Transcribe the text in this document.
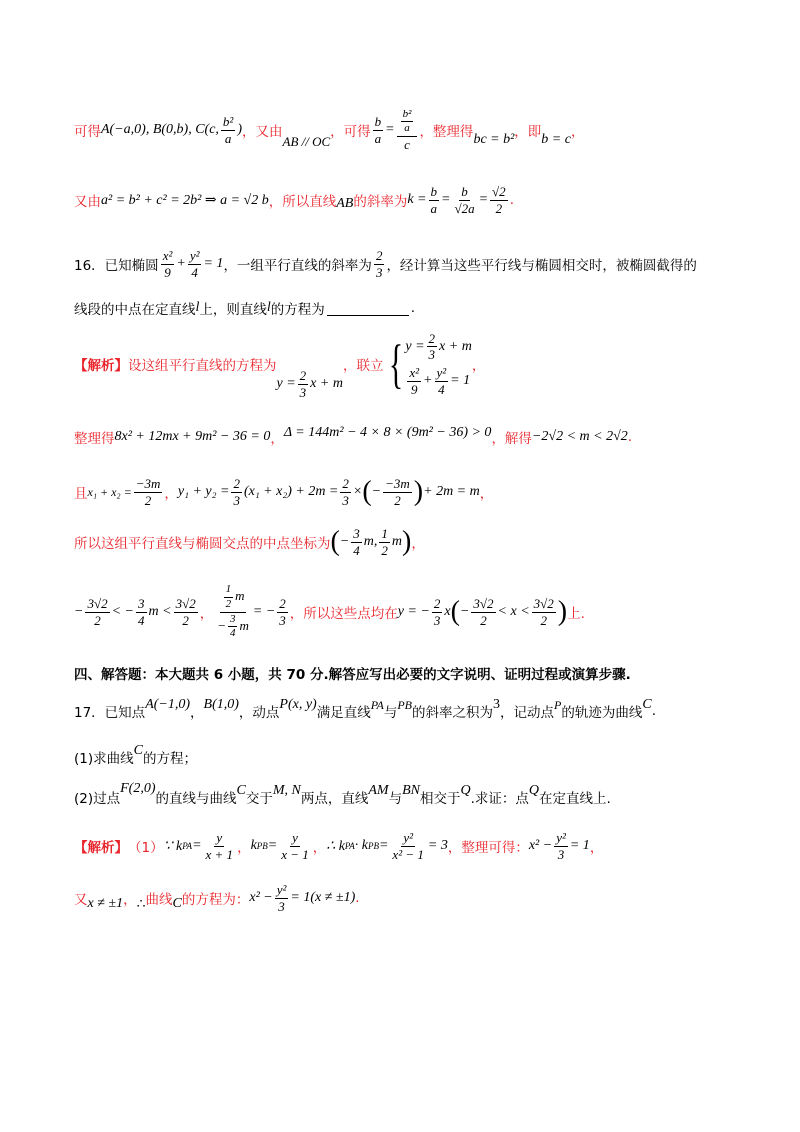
可得 A(−a,0), B(0,b), C(c, $\frac{\text{b²}}{a}$ ) ，又由
AB // OC
，可得 $\frac{b}{a} = \frac{\frac{\text{b²}}{a}}{c}$ ，整理得 bc = b² ，即 b = c ，
又由 a² = b² + c² = 2b² ⇒ a = √2 b ，所以直线 AB 的斜率为 $k = \frac{b}{a} = \frac{b}{√2a} = \frac{√2}{2}$ .
16．已知椭圆 $\frac{\text{x²}}{9} + \frac{\text{y²}}{4} = 1$ ，一组平行直线的斜率为 $\frac{2}{3}$ ，经计算当这些平行线与椭圆相交时，被椭圆截得的
线段的中点在定直线 l 上，则直线 l 的方程为	.
【解析】 设这组平行直线的方程为
$y = \frac{2}{3}$ x + m
，联立 { $y = \frac{2}{3}$ x + m
$\frac{\text{x²}}{9} + \frac{\text{y²}}{4} = 1$
，
整理得 8x² + 12mx + 9m² − 36 = 0 ， Δ = 144m² − 4 × 8 × (9m² − 36) > 0 ，解得 −2√2 < m < 2√2 .
且 $x_1 + x_2 = \frac{-3m}{2}$ ， $y_1 + y_2 = \frac{2}{3} (x_1 + x_2) + 2m = \frac{2}{3}$ × ( − $\frac{-3m}{2}$ ) + 2m = m ，
所以这组平行直线与椭圆交点的中点坐标为 ( − $\frac{3}{4} m$, $\frac{1}{2}$ m ) ，
− $\frac{3√2}{2}$ < − $\frac{3}{4}$ $m < \frac{3√2}{2}$ ， $\frac{\frac{1}{2} m}{- \frac{3}{4} m}$ = − $\frac{2}{3}$ ，所以这些点均在 y = − $\frac{2}{3}$ x ( − $\frac{3√2}{2} < x < \frac{3√2}{2}$ ) 上.
四、解答题：本大题共 6 小题，共 70 分.解答应写出必要的文字说明、证明过程或演算步骤.
17．已知点
A(−1,0)
，
B(1,0)
，动点
P(x, y)
满足直线
PA
与
PB
的斜率之积为
3
，记动点
P
的轨迹为曲线
C .
(1)求曲线
C
的方程；
(2)过点
F(2,0)
的直线与曲线
C
交于
M, N
两点，直线
AM
与
BN
相交于
Q
.求证：点
Q
在定直线上.
【解析】 （1） ∵ k PA = $\frac{y}{x + 1}$ ， k PB = $\frac{y}{x - 1}$ ， ∴ k PA · k PB = $\frac{\text{y²}}{\text{x² − 1}} = 3$ ，整理可得： $x^2 - \frac{\text{y²}}{3} = 1$ ，
又 x ≠ ±1 ， ∴ 曲线 C 的方程为： $x^2 - \frac{\text{y²}}{3} = 1(x \ne \pm 1)$ .
